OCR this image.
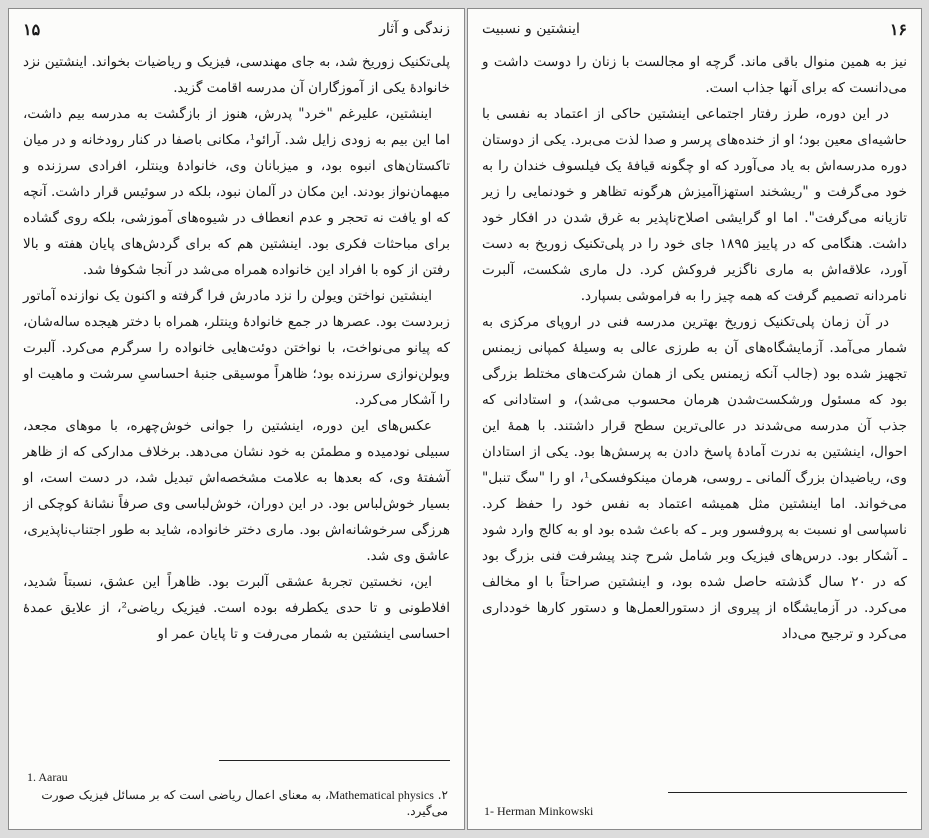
۱۵	زندگی و آثار

پلی‌تکنیک زوریخ شد، به جای مهندسی، فیزیک و ریاضیات بخواند. اینشتین نزد خانوادهٔ یکی از آموزگاران آن مدرسه اقامت گزید.

اینشتین، علیرغم "خرد" پدرش، هنوز از بازگشت به مدرسه بیم داشت، اما این بیم به زودی زایل شد. آرائو¹، مکانی باصفا در کنار رودخانه و در میان تاکستان‌های انبوه بود، و میزبانان وی، خانوادهٔ وینتلر، افرادی سرزنده و میهمان‌نواز بودند. این مکان در آلمان نبود، بلکه در سوئیس قرار داشت. آنچه که او یافت نه تحجر و عدم انعطاف در شیوه‌های آموزشی، بلکه روی گشاده برای مباحثات فکری بود. اینشتین هم که برای گردش‌های پایان هفته و بالا رفتن از کوه با افراد این خانواده همراه می‌شد در آنجا شکوفا شد.

اینشتین نواختن ویولن را نزد مادرش فرا گرفته و اکنون یک نوازنده آماتور زبردست بود. عصرها در جمع خانوادهٔ وینتلر، همراه با دختر هیجده ساله‌شان، که پیانو می‌نواخت، با نواختن دوئت‌هایی خانواده را سرگرم می‌کرد. آلبرت ویولن‌نوازی سرزنده بود؛ ظاهراً موسیقی جنبهٔ احساسیِ سرشت و ماهیت او را آشکار می‌کرد.

عکس‌های این دوره، اینشتین را جوانی خوش‌چهره، با موهای مجعد، سبیلی نودمیده و مطمئن به خود نشان می‌دهد. برخلاف مدارکی که از ظاهر آشفتهٔ وی، که بعدها به علامت مشخصه‌اش تبدیل شد، در دست است، او بسیار خوش‌لباس بود. در این دوران، خوش‌لباسی وی صرفاً نشانهٔ کوچکی از هرزگی سرخوشانه‌اش بود. ماری دختر خانواده، شاید به طور اجتناب‌ناپذیری، عاشق وی شد.

این، نخستین تجربهٔ عشقی آلبرت بود. ظاهراً این عشق، نسبتاً شدید، افلاطونی و تا حدی یکطرفه بوده است. فیزیک ریاضی²، از علایق عمدهٔ احساسی اینشتین به شمار می‌رفت و تا پایان عمر او

1. Aarau
۲. Mathematical physics، به معنای اعمال ریاضی است که بر مسائل فیزیک صورت می‌گیرد.
اینشتین و نسبیت	۱۶

نیز به همین منوال باقی ماند. گرچه او مجالست با زنان را دوست داشت و می‌دانست که برای آنها جذاب است.

در این دوره، طرز رفتار اجتماعی اینشتین حاکی از اعتماد به نفسی با حاشیه‌ای معین بود؛ او از خنده‌های پرسر و صدا لذت می‌برد. یکی از دوستان دوره مدرسه‌اش به یاد می‌آورد که او چگونه قیافهٔ یک فیلسوف خندان را به خود می‌گرفت و "ریشخند استهزاآمیزش هرگونه تظاهر و خودنمایی را زیر تازیانه می‌گرفت". اما او گرایشی اصلاح‌ناپذیر به غرق شدن در افکار خود داشت. هنگامی که در پاییز ۱۸۹۵ جای خود را در پلی‌تکنیک زوریخ به دست آورد، علاقه‌اش به ماری ناگزیر فروکش کرد. دل ماری شکست، آلبرت نامردانه تصمیم گرفت که همه چیز را به فراموشی بسپارد.

در آن زمان پلی‌تکنیک زوریخ بهترین مدرسه فنی در اروپای مرکزی به شمار می‌آمد. آزمایشگاه‌های آن به طرزی عالی به وسیلهٔ کمپانی زیمنس تجهیز شده بود (جالب آنکه زیمنس یکی از همان شرکت‌های مختلط بزرگی بود که مسئول ورشکست‌شدن هرمان محسوب می‌شد)، و استادانی که جذب آن مدرسه می‌شدند در عالی‌ترین سطح قرار داشتند. با همهٔ این احوال، اینشتین به ندرت آمادهٔ پاسخ دادن به پرسش‌ها بود. یکی از استادان وی، ریاضیدان بزرگ آلمانی ـ روسی، هرمان مینکوفسکی¹، او را "سگ تنبل" می‌خواند. اما اینشتین مثل همیشه اعتماد به نفس خود را حفظ کرد. ناسپاسی او نسبت به پروفسور وبر ـ که باعث شده بود او به کالج وارد شود ـ آشکار بود. درس‌های فیزیک وبر شامل شرح چند پیشرفت فنی بزرگ بود که در ۲۰ سال گذشته حاصل شده بود، و اینشتین صراحتاً با او مخالف می‌کرد. در آزمایشگاه از پیروی از دستورالعمل‌ها و دستور کارها خودداری می‌کرد و ترجیح می‌داد

1- Herman Minkowski
